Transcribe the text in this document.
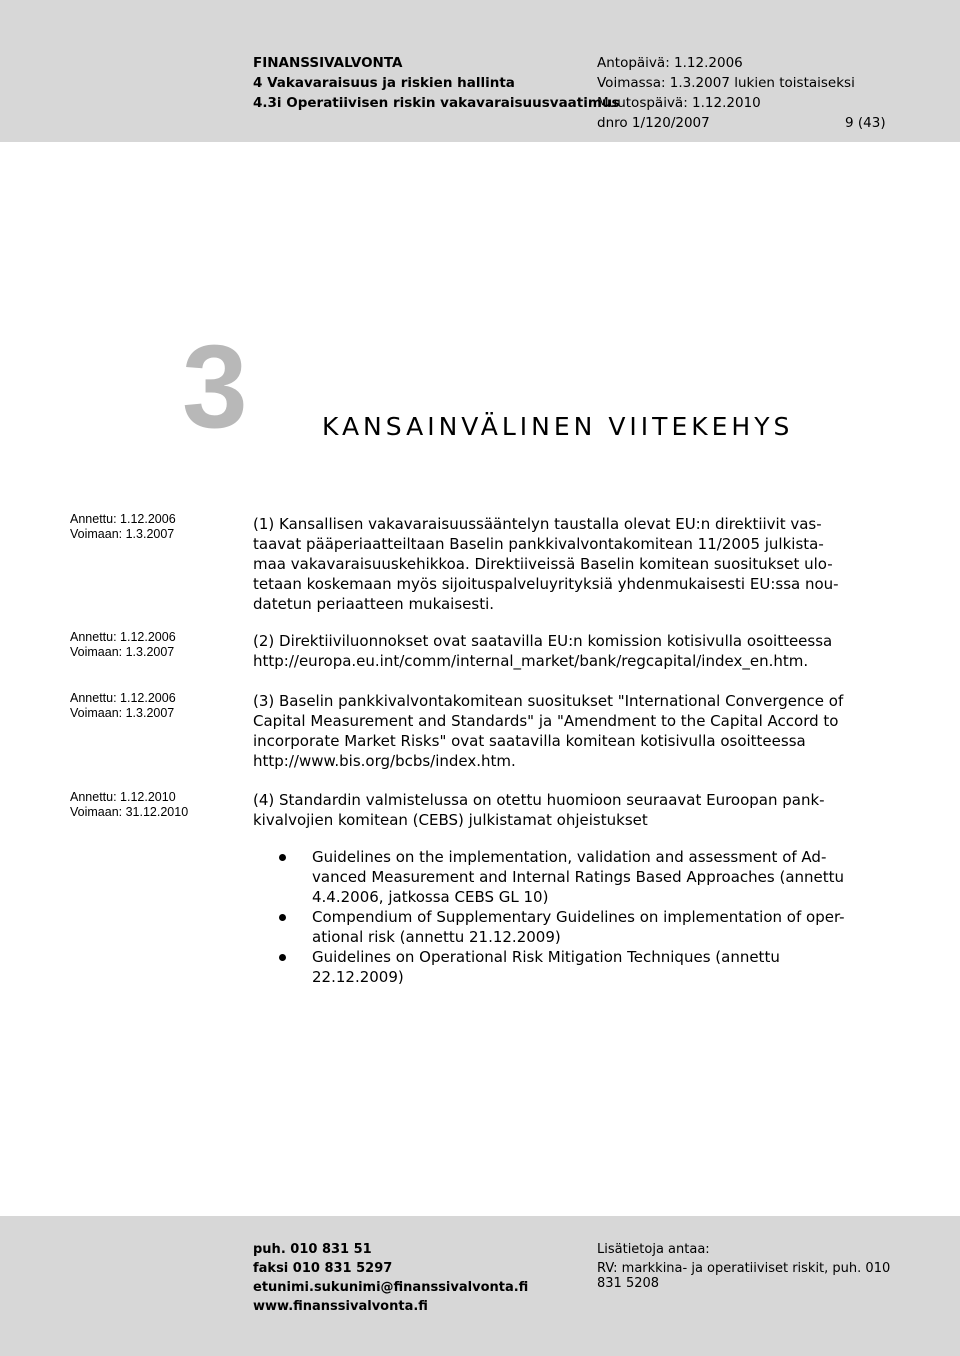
FINANSSIVALVONTA
4 Vakavaraisuus ja riskien hallinta
4.3i Operatiivisen riskin vakavaraisuusvaatimus
Antopäivä: 1.12.2006
Voimassa: 1.3.2007 lukien toistaiseksi
Muutospäivä: 1.12.2010
dnro 1/120/2007	9 (43)
3	KANSAINVÄLINEN VIITEKEHYS
Annettu: 1.12.2006
Voimaan: 1.3.2007
Annettu: 1.12.2006
Voimaan: 1.3.2007
Annettu: 1.12.2006
Voimaan: 1.3.2007
Annettu: 1.12.2010
Voimaan: 31.12.2010
(1) Kansallisen vakavaraisuussääntelyn taustalla olevat EU:n direktiivit vas-
taavat pääperiaatteiltaan Baselin pankkivalvontakomitean 11/2005 julkista-
maa vakavaraisuuskehikkoa. Direktiiveissä Baselin komitean suositukset ulo-
tetaan koskemaan myös sijoituspalveluyrityksiä yhdenmukaisesti EU:ssa nou-
datetun periaatteen mukaisesti.
(2) Direktiiviluonnokset ovat saatavilla EU:n komission kotisivulla osoitteessa
http://europa.eu.int/comm/internal_market/bank/regcapital/index_en.htm.
(3) Baselin pankkivalvontakomitean suositukset "International Convergence of
Capital Measurement and Standards" ja "Amendment to the Capital Accord to
incorporate Market Risks" ovat saatavilla komitean kotisivulla osoitteessa
http://www.bis.org/bcbs/index.htm.
(4) Standardin valmistelussa on otettu huomioon seuraavat Euroopan pank-
kivalvojien komitean (CEBS) julkistamat ohjeistukset
Guidelines on the implementation, validation and assessment of Ad-
vanced Measurement and Internal Ratings Based Approaches (annettu
4.4.2006, jatkossa CEBS GL 10)
Compendium of Supplementary Guidelines on implementation of oper-
ational risk (annettu 21.12.2009)
Guidelines on Operational Risk Mitigation Techniques (annettu
22.12.2009)
puh. 010 831 51
faksi 010 831 5297
etunimi.sukunimi@finanssivalvonta.fi
www.finanssivalvonta.fi
Lisätietoja antaa:
RV: markkina- ja operatiiviset riskit, puh. 010
831 5208
